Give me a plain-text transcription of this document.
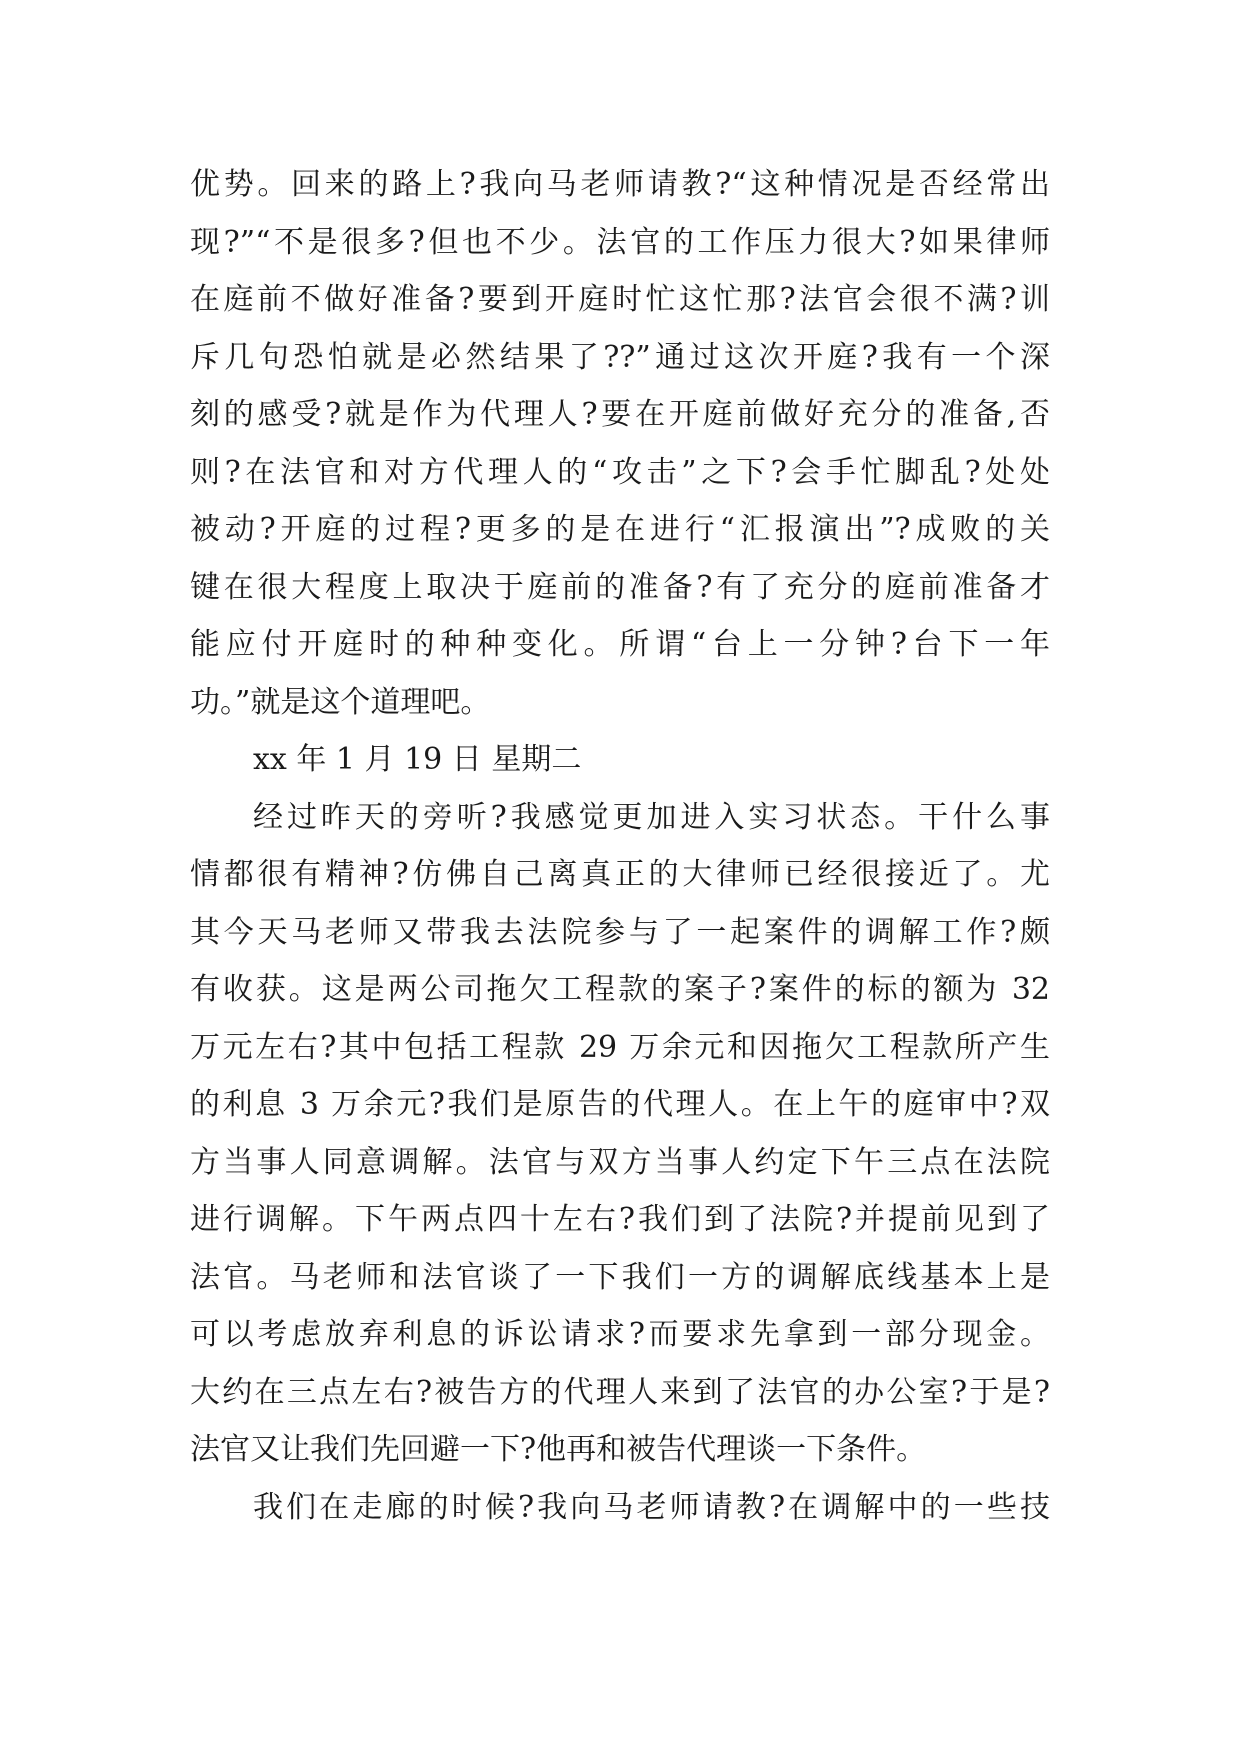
优势。回来的路上?我向马老师请教?“这种情况是否经常出
现?”“不是很多?但也不少。法官的工作压力很大?如果律师
在庭前不做好准备?要到开庭时忙这忙那?法官会很不满?训
斥几句恐怕就是必然结果了??”通过这次开庭?我有一个深
刻的感受?就是作为代理人?要在开庭前做好充分的准备,否
则?在法官和对方代理人的“攻击”之下?会手忙脚乱?处处
被动?开庭的过程?更多的是在进行“汇报演出”?成败的关
键在很大程度上取决于庭前的准备?有了充分的庭前准备才
能应付开庭时的种种变化。所谓“台上一分钟?台下一年
功。”就是这个道理吧。
xx 年 1 月 19 日 星期二
经过昨天的旁听?我感觉更加进入实习状态。干什么事
情都很有精神?仿佛自己离真正的大律师已经很接近了。尤
其今天马老师又带我去法院参与了一起案件的调解工作?颇
有收获。这是两公司拖欠工程款的案子?案件的标的额为 32
万元左右?其中包括工程款 29 万余元和因拖欠工程款所产生
的利息 3 万余元?我们是原告的代理人。在上午的庭审中?双
方当事人同意调解。法官与双方当事人约定下午三点在法院
进行调解。下午两点四十左右?我们到了法院?并提前见到了
法官。马老师和法官谈了一下我们一方的调解底线基本上是
可以考虑放弃利息的诉讼请求?而要求先拿到一部分现金。
大约在三点左右?被告方的代理人来到了法官的办公室?于是?
法官又让我们先回避一下?他再和被告代理谈一下条件。
我们在走廊的时候?我向马老师请教?在调解中的一些技
